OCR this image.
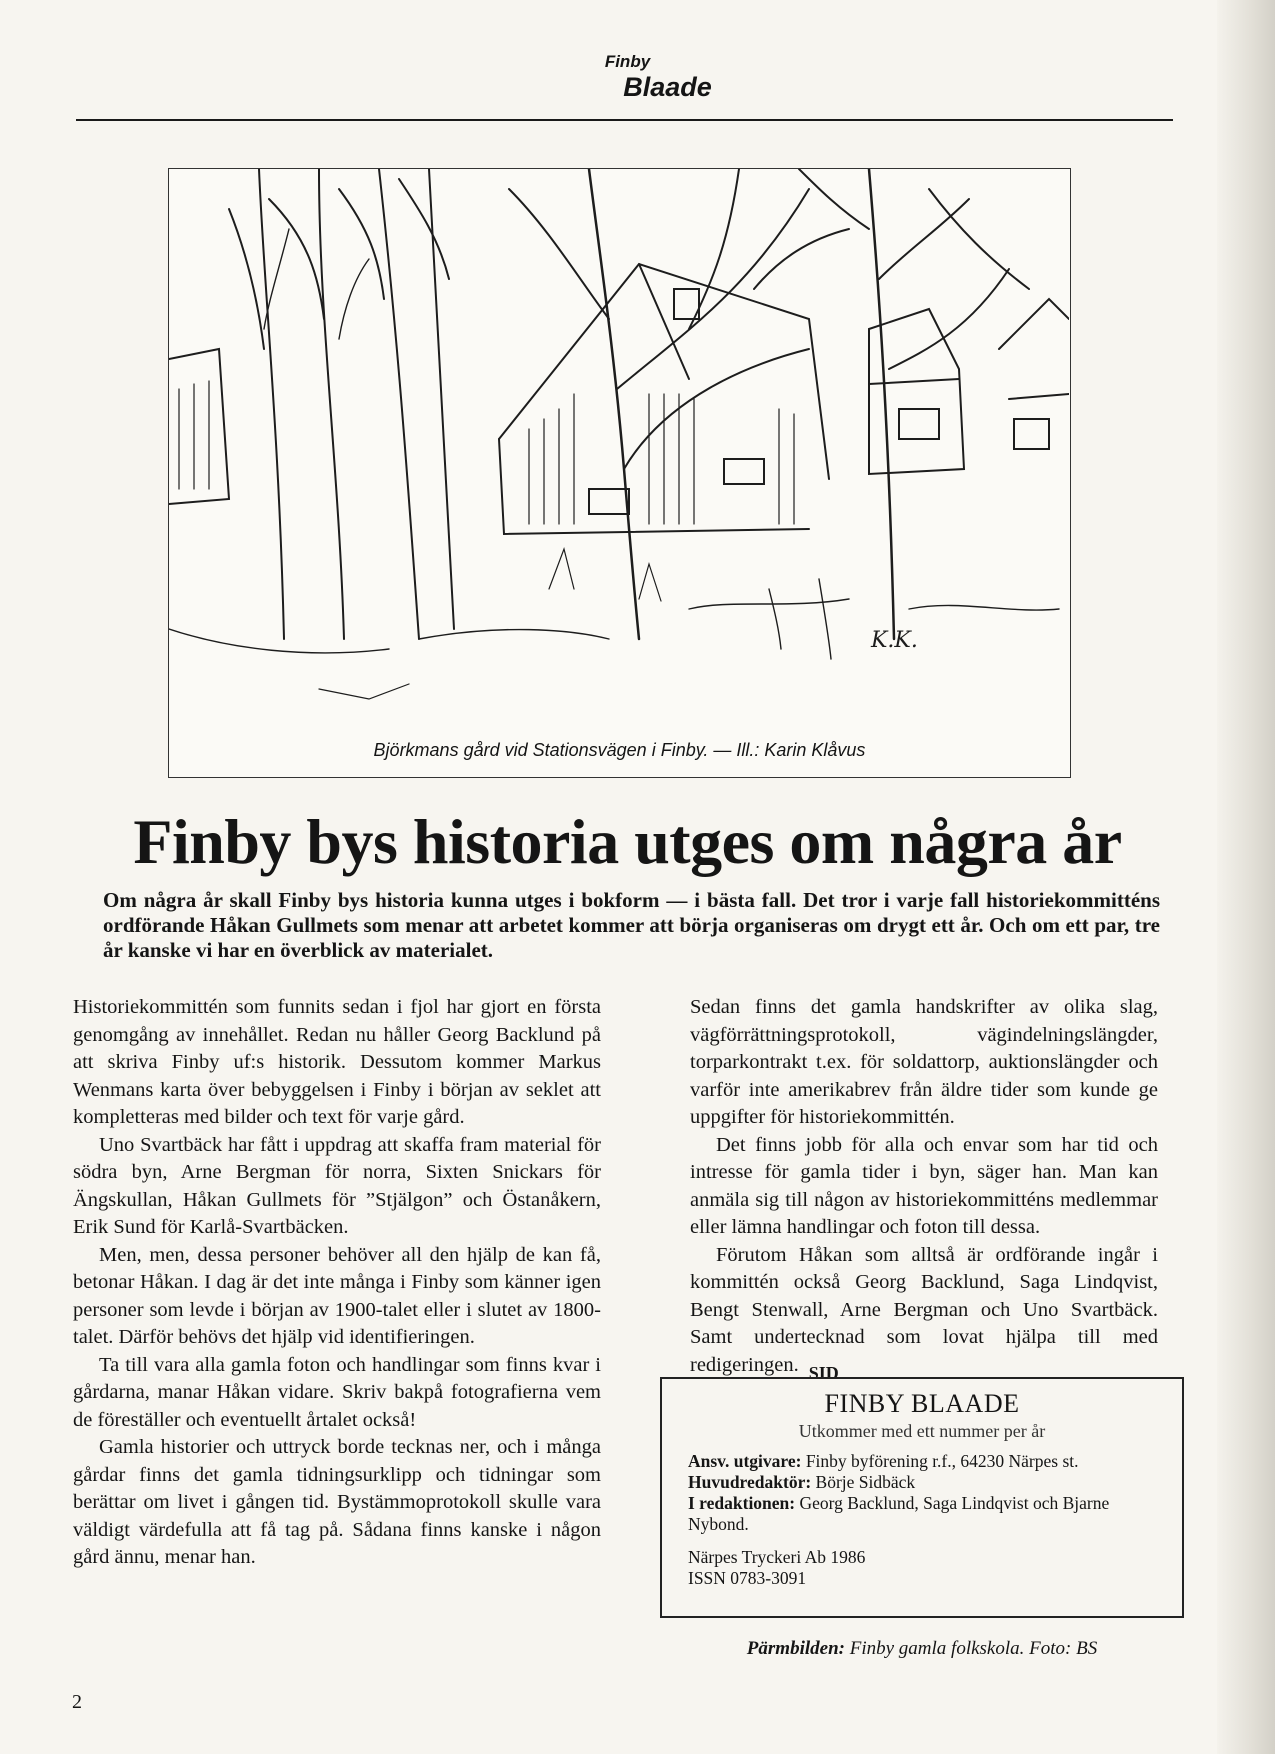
Finby
Blaade
K.K.
Björkmans gård vid Stationsvägen i Finby. — Ill.: Karin Klåvus
Finby bys historia utges om några år

Om några år skall Finby bys historia kunna utges i bokform — i bästa fall. Det tror i varje fall historiekommitténs ordförande Håkan Gullmets som menar att arbetet kommer att börja organiseras om drygt ett år. Och om ett par, tre år kanske vi har en överblick av materialet.

Historiekommittén som funnits sedan i fjol har gjort en första genomgång av innehållet. Redan nu håller Georg Backlund på att skriva Finby uf:s historik. Dessutom kommer Markus Wenmans karta över bebyggelsen i Finby i början av seklet att kompletteras med bilder och text för varje gård.

Uno Svartbäck har fått i uppdrag att skaffa fram material för södra byn, Arne Bergman för norra, Sixten Snickars för Ängskullan, Håkan Gullmets för ”Stjälgon” och Östanåkern, Erik Sund för Karlå-Svartbäcken.

Men, men, dessa personer behöver all den hjälp de kan få, betonar Håkan. I dag är det inte många i Finby som känner igen personer som levde i början av 1900-talet eller i slutet av 1800-talet. Därför behövs det hjälp vid identifieringen.

Ta till vara alla gamla foton och handlingar som finns kvar i gårdarna, manar Håkan vidare. Skriv bakpå fotografierna vem de föreställer och eventuellt årtalet också!

Gamla historier och uttryck borde tecknas ner, och i många gårdar finns det gamla tidningsurklipp och tidningar som berättar om livet i gången tid. Bystämmoprotokoll skulle vara väldigt värdefulla att få tag på. Sådana finns kanske i någon gård ännu, menar han.

Sedan finns det gamla handskrifter av olika slag, vägförrättningsprotokoll, vägindelningslängder, torparkontrakt t.ex. för soldattorp, auktionslängder och varför inte amerikabrev från äldre tider som kunde ge uppgifter för historiekommittén.

Det finns jobb för alla och envar som har tid och intresse för gamla tider i byn, säger han. Man kan anmäla sig till någon av historiekommitténs medlemmar eller lämna handlingar och foton till dessa.

Förutom Håkan som alltså är ordförande ingår i kommittén också Georg Backlund, Saga Lindqvist, Bengt Stenwall, Arne Bergman och Uno Svartbäck. Samt undertecknad som lovat hjälpa till med redigeringen. SID

FINBY BLAADE
Utkommer med ett nummer per år
Ansv. utgivare: Finby byförening r.f., 64230 Närpes st.
Huvudredaktör: Börje Sidbäck
I redaktionen: Georg Backlund, Saga Lindqvist och Bjarne Nybond.
Närpes Tryckeri Ab 1986
ISSN 0783-3091
Pärmbilden: Finby gamla folkskola. Foto: BS
2
